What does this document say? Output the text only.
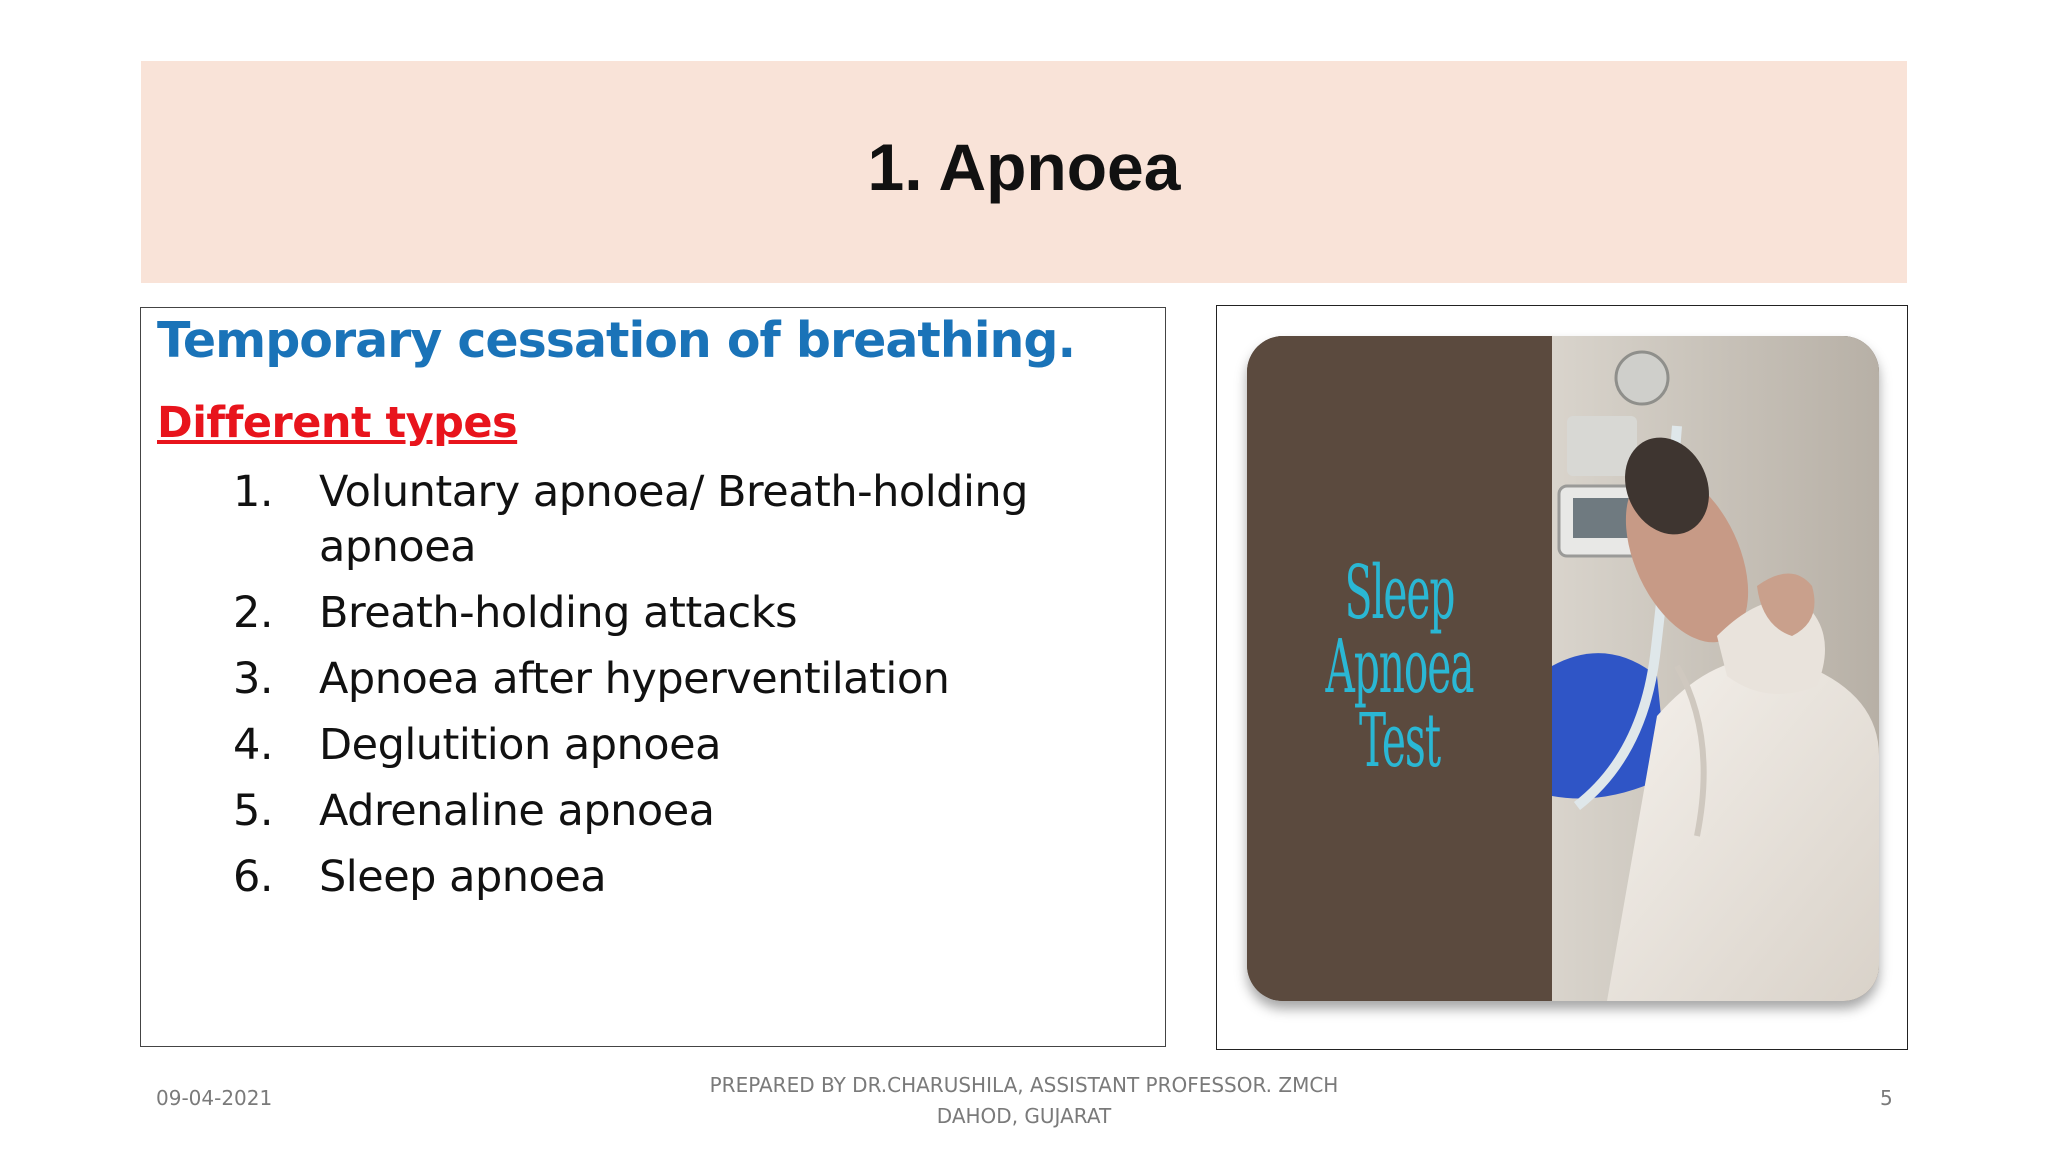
1. Apnoea

Temporary cessation of breathing.

Different types

1.	Voluntary apnoea/ Breath-holding apnoea
2.	Breath-holding attacks
3.	Apnoea after hyperventilation
4.	Deglutition apnoea
5.	Adrenaline apnoea
6.	Sleep apnoea
Sleep Apnoea
Test
09-04-2021
PREPARED BY DR.CHARUSHILA, ASSISTANT PROFESSOR. ZMCH
DAHOD, GUJARAT
5
